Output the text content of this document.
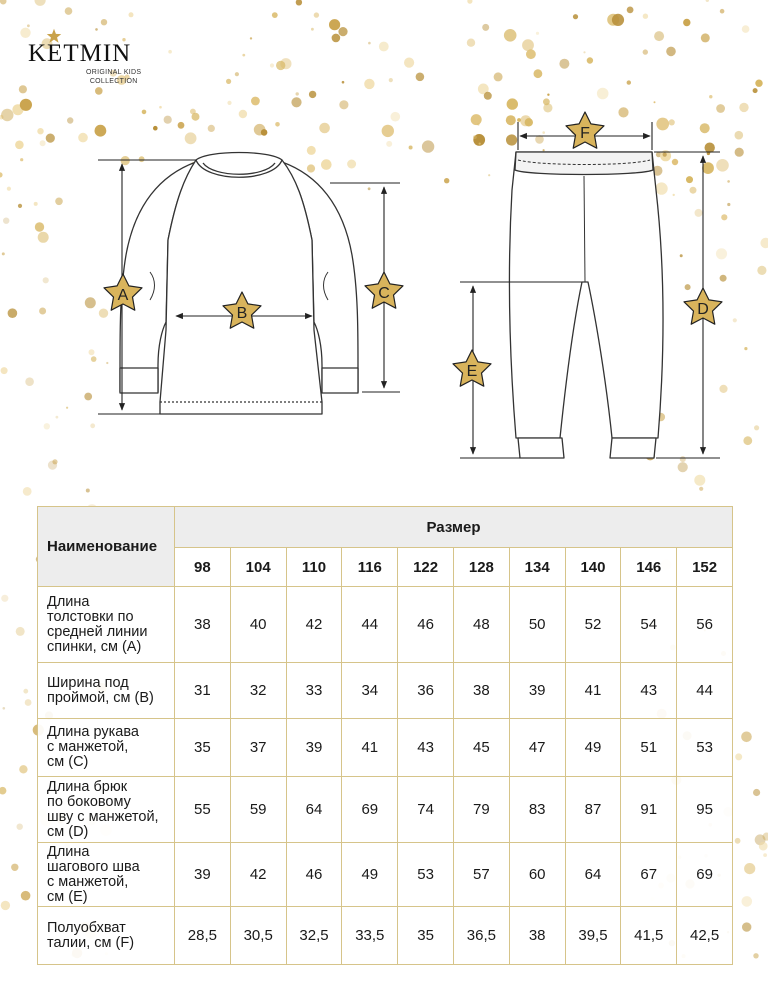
KETMIN
ORIGINAL KIDS
COLLECTION
A
B
C
F
D
E
Наименование	Размер									
	98	104	110	116	122	128	134	140	146	152

Длина
толстовки по
средней линии
спинки, см (A)	38	40	42	44	46	48	50	52	54	56

Ширина под
проймой, см (B)	31	32	33	34	36	38	39	41	43	44

Длина рукава
с манжетой,
см (C)	35	37	39	41	43	45	47	49	51	53

Длина брюк
по боковому
шву с манжетой,
см (D)	55	59	64	69	74	79	83	87	91	95

Длина
шагового шва
с манжетой,
см (E)	39	42	46	49	53	57	60	64	67	69

Полуобхват
талии, см (F)	28,5	30,5	32,5	33,5	35	36,5	38	39,5	41,5	42,5
